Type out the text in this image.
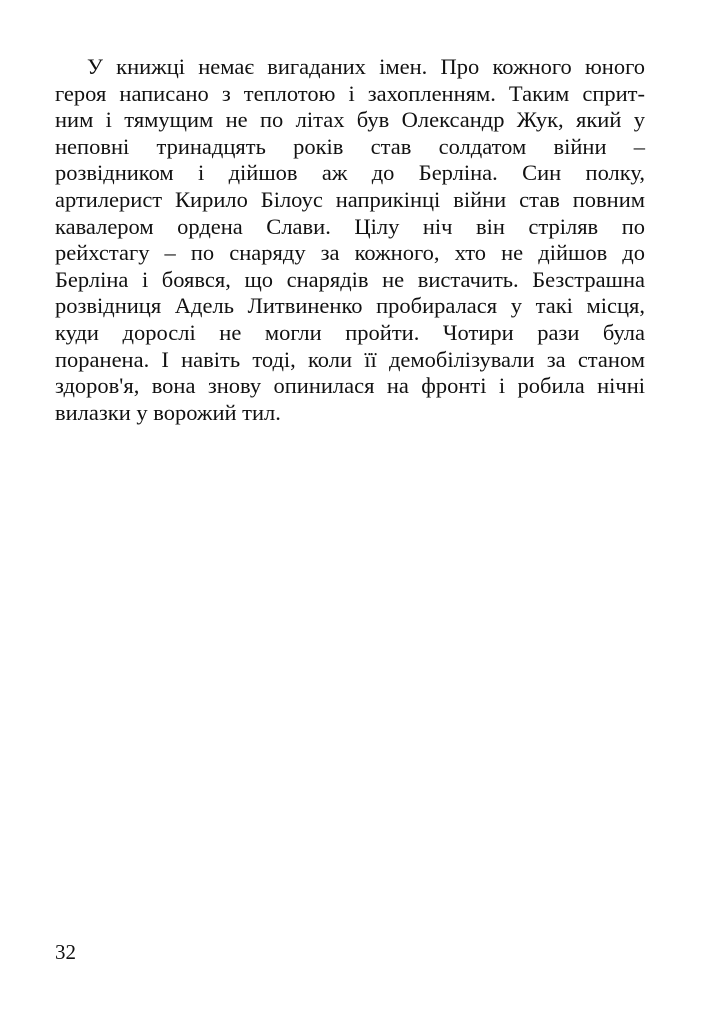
У книжці немає вигаданих імен. Про кожного юного
героя написано з теплотою і захопленням. Таким сприт-
ним і тямущим не по літах був Олександр Жук, який у
неповні тринадцять років став солдатом війни –
розвідником і дійшов аж до Берліна. Син полку,
артилерист Кирило Білоус наприкінці війни став повним
кавалером ордена Слави. Цілу ніч він стріляв по
рейхстагу – по снаряду за кожного, хто не дійшов до
Берліна і боявся, що снарядів не вистачить. Безстрашна
розвідниця Адель Литвиненко пробиралася у такі місця,
куди дорослі не могли пройти. Чотири рази була
поранена. І навіть тоді, коли її демобілізували за станом
здоров'я, вона знову опинилася на фронті і робила нічні
вилазки у ворожий тил.
32
